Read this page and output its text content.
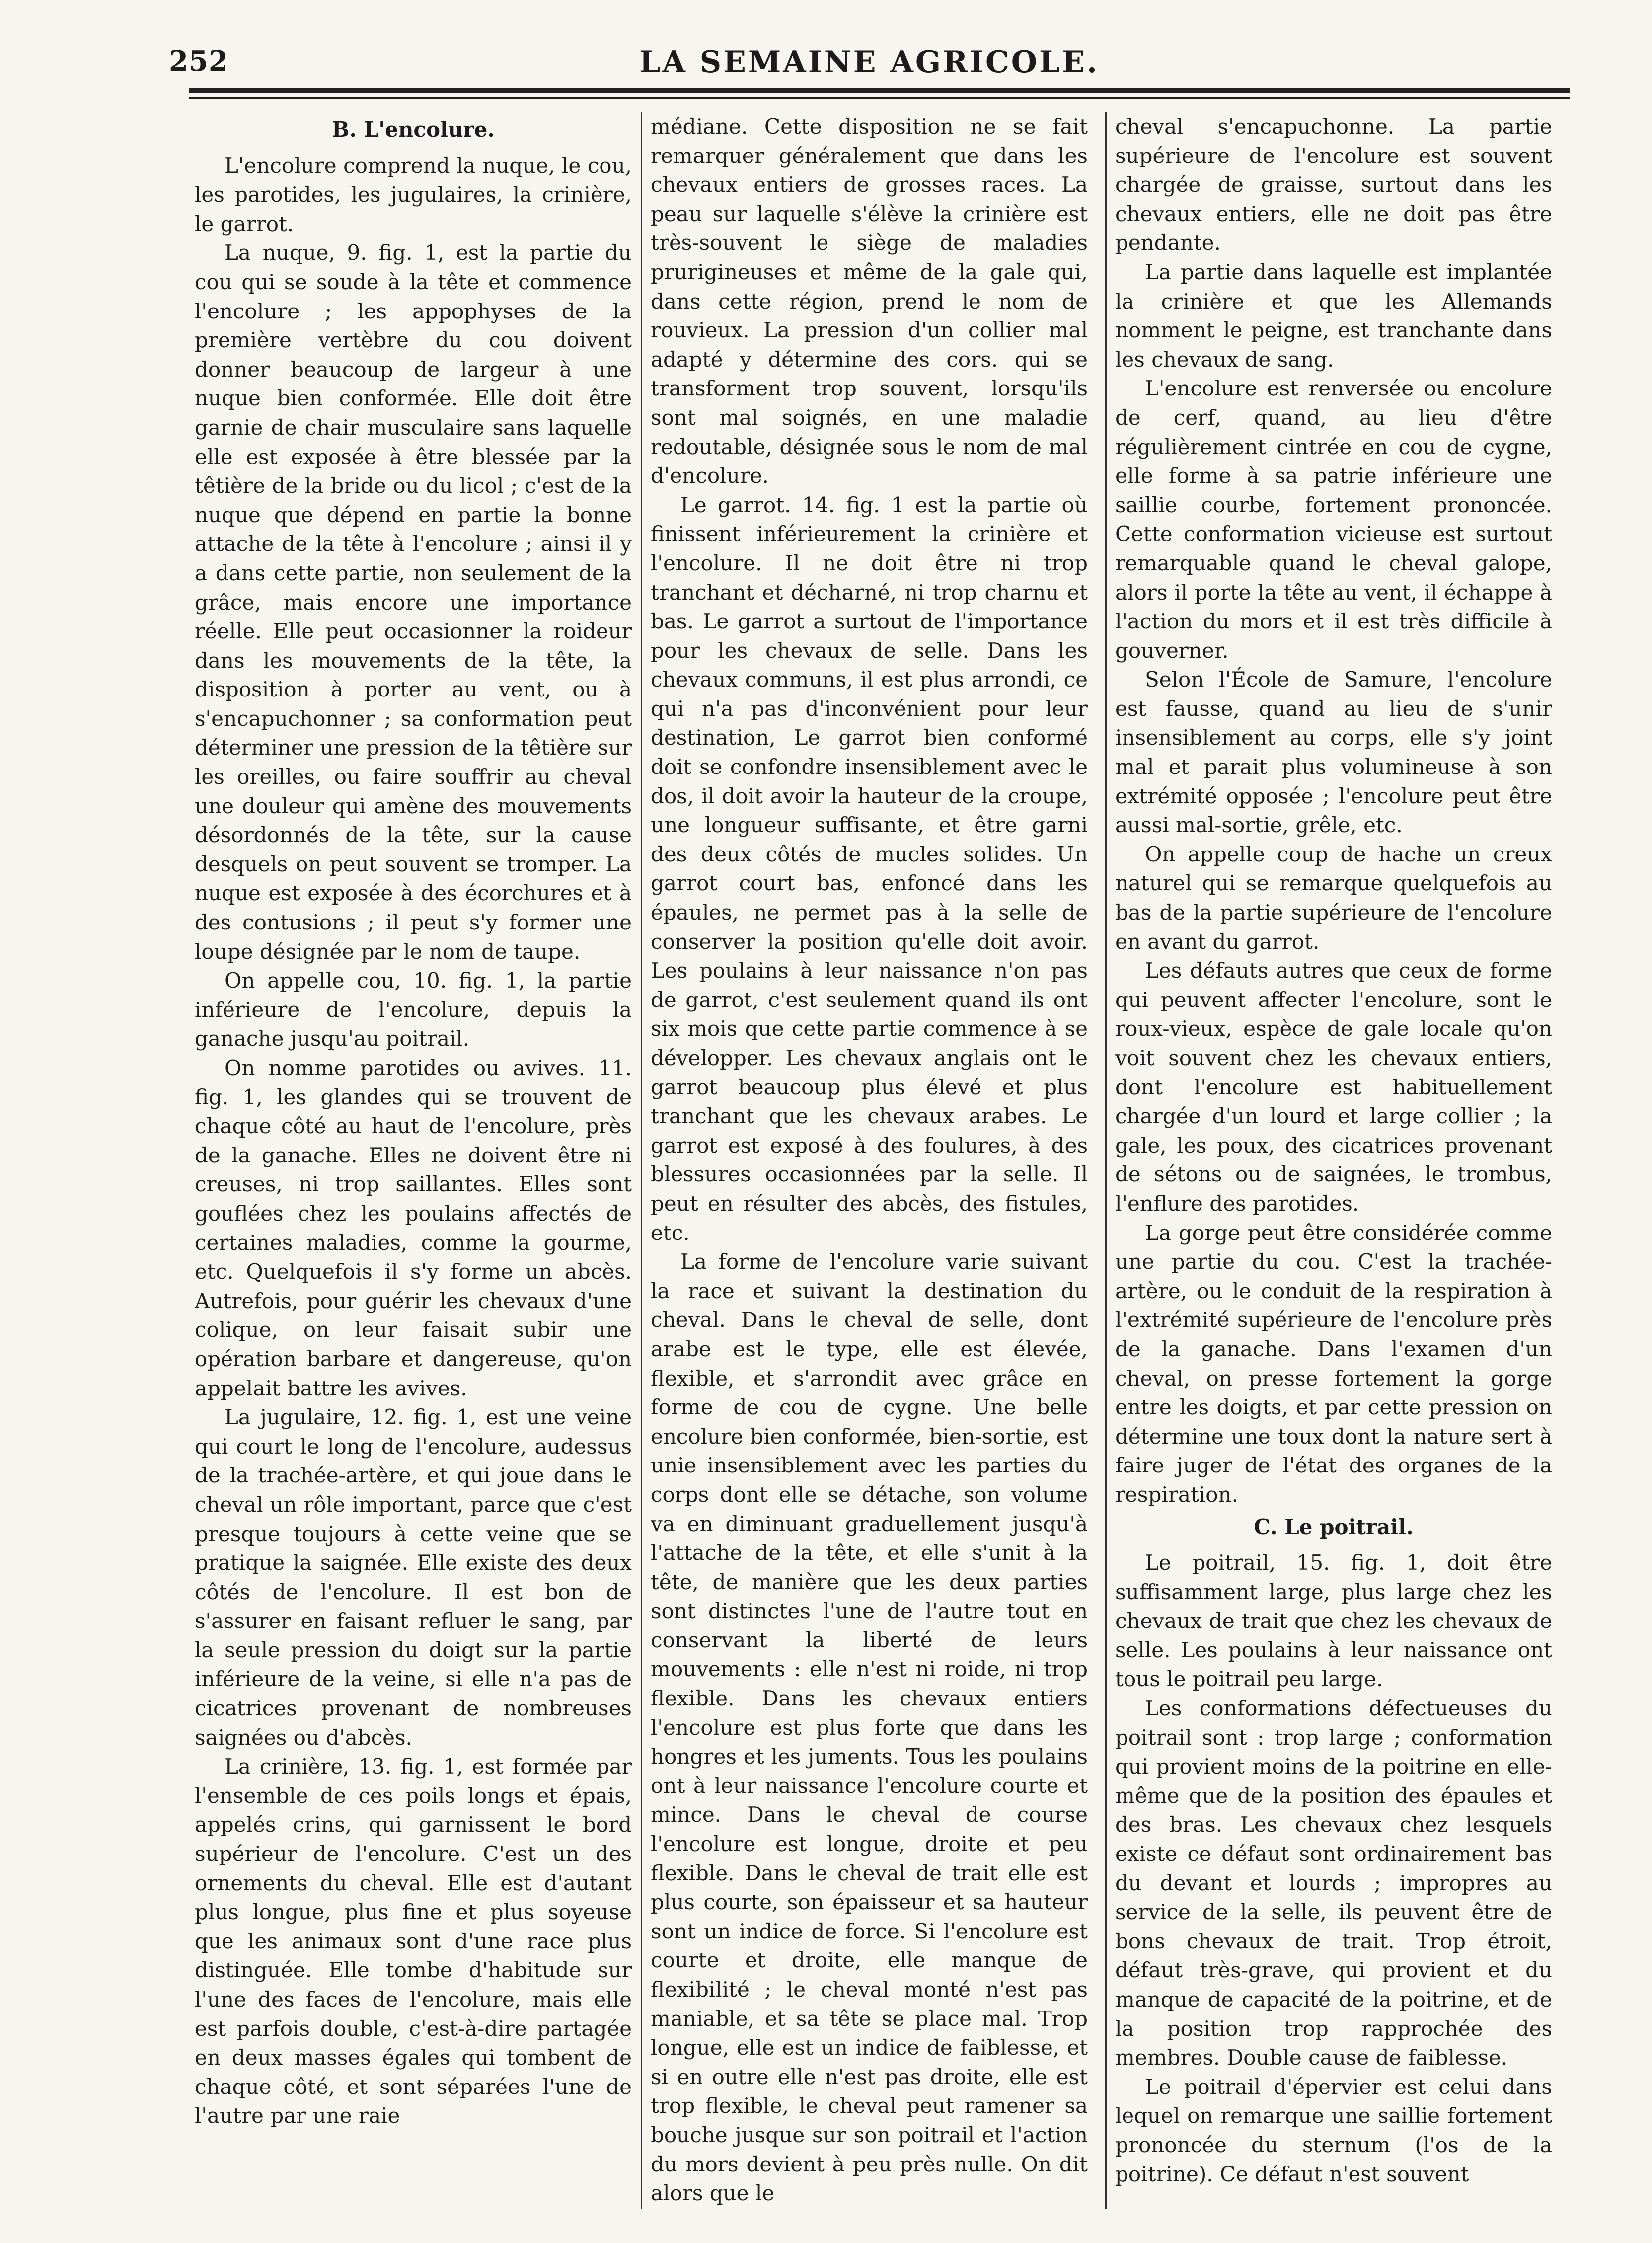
252	LA SEMAINE AGRICOLE.
B. L'encolure.

L'encolure comprend la nuque, le cou, les parotides, les jugulaires, la crinière, le garrot.

La nuque, 9. fig. 1, est la partie du cou qui se soude à la tête et commence l'encolure ; les appophyses de la première vertèbre du cou doivent donner beaucoup de largeur à une nuque bien conformée. Elle doit être garnie de chair musculaire sans laquelle elle est exposée à être blessée par la têtière de la bride ou du licol ; c'est de la nuque que dépend en partie la bonne attache de la tête à l'encolure ; ainsi il y a dans cette partie, non seulement de la grâce, mais encore une importance réelle. Elle peut occasionner la roideur dans les mouvements de la tête, la disposition à porter au vent, ou à s'encapuchonner ; sa conformation peut déterminer une pression de la têtière sur les oreilles, ou faire souffrir au cheval une douleur qui amène des mouvements désordonnés de la tête, sur la cause desquels on peut souvent se tromper. La nuque est exposée à des écorchures et à des contusions ; il peut s'y former une loupe désignée par le nom de taupe.

On appelle cou, 10. fig. 1, la partie inférieure de l'encolure, depuis la ganache jusqu'au poitrail.

On nomme parotides ou avives. 11. fig. 1, les glandes qui se trouvent de chaque côté au haut de l'encolure, près de la ganache. Elles ne doivent être ni creuses, ni trop saillantes. Elles sont gouflées chez les poulains affectés de certaines maladies, comme la gourme, etc. Quelquefois il s'y forme un abcès. Autrefois, pour guérir les chevaux d'une colique, on leur faisait subir une opération barbare et dangereuse, qu'on appelait battre les avives.

La jugulaire, 12. fig. 1, est une veine qui court le long de l'encolure, audessus de la trachée-artère, et qui joue dans le cheval un rôle important, parce que c'est presque toujours à cette veine que se pratique la saignée. Elle existe des deux côtés de l'encolure. Il est bon de s'assurer en faisant refluer le sang, par la seule pression du doigt sur la partie inférieure de la veine, si elle n'a pas de cicatrices provenant de nombreuses saignées ou d'abcès.

La crinière, 13. fig. 1, est formée par l'ensemble de ces poils longs et épais, appelés crins, qui garnissent le bord supérieur de l'encolure. C'est un des ornements du cheval. Elle est d'autant plus longue, plus fine et plus soyeuse que les animaux sont d'une race plus distinguée. Elle tombe d'habitude sur l'une des faces de l'encolure, mais elle est parfois double, c'est-à-dire partagée en deux masses égales qui tombent de chaque côté, et sont séparées l'une de l'autre par une raie

médiane. Cette disposition ne se fait remarquer généralement que dans les chevaux entiers de grosses races. La peau sur laquelle s'élève la crinière est très-souvent le siège de maladies prurigineuses et même de la gale qui, dans cette région, prend le nom de rouvieux. La pression d'un collier mal adapté y détermine des cors. qui se transforment trop souvent, lorsqu'ils sont mal soignés, en une maladie redoutable, désignée sous le nom de mal d'encolure.

Le garrot. 14. fig. 1 est la partie où finissent inférieurement la crinière et l'encolure. Il ne doit être ni trop tranchant et décharné, ni trop charnu et bas. Le garrot a surtout de l'importance pour les chevaux de selle. Dans les chevaux communs, il est plus arrondi, ce qui n'a pas d'inconvénient pour leur destination, Le garrot bien conformé doit se confondre insensiblement avec le dos, il doit avoir la hauteur de la croupe, une longueur suffisante, et être garni des deux côtés de mucles solides. Un garrot court bas, enfoncé dans les épaules, ne permet pas à la selle de conserver la position qu'elle doit avoir. Les poulains à leur naissance n'on pas de garrot, c'est seulement quand ils ont six mois que cette partie commence à se développer. Les chevaux anglais ont le garrot beaucoup plus élevé et plus tranchant que les chevaux arabes. Le garrot est exposé à des foulures, à des blessures occasionnées par la selle. Il peut en résulter des abcès, des fistules, etc.

La forme de l'encolure varie suivant la race et suivant la destination du cheval. Dans le cheval de selle, dont arabe est le type, elle est élevée, flexible, et s'arrondit avec grâce en forme de cou de cygne. Une belle encolure bien conformée, bien-sortie, est unie insensiblement avec les parties du corps dont elle se détache, son volume va en diminuant graduellement jusqu'à l'attache de la tête, et elle s'unit à la tête, de manière que les deux parties sont distinctes l'une de l'autre tout en conservant la liberté de leurs mouvements : elle n'est ni roide, ni trop flexible. Dans les chevaux entiers l'encolure est plus forte que dans les hongres et les juments. Tous les poulains ont à leur naissance l'encolure courte et mince. Dans le cheval de course l'encolure est longue, droite et peu flexible. Dans le cheval de trait elle est plus courte, son épaisseur et sa hauteur sont un indice de force. Si l'encolure est courte et droite, elle manque de flexibilité ; le cheval monté n'est pas maniable, et sa tête se place mal. Trop longue, elle est un indice de faiblesse, et si en outre elle n'est pas droite, elle est trop flexible, le cheval peut ramener sa bouche jusque sur son poitrail et l'action du mors devient à peu près nulle. On dit alors que le

cheval s'encapuchonne. La partie supérieure de l'encolure est souvent chargée de graisse, surtout dans les chevaux entiers, elle ne doit pas être pendante.

La partie dans laquelle est implantée la crinière et que les Allemands nomment le peigne, est tranchante dans les chevaux de sang.

L'encolure est renversée ou encolure de cerf, quand, au lieu d'être régulièrement cintrée en cou de cygne, elle forme à sa patrie inférieure une saillie courbe, fortement prononcée. Cette conformation vicieuse est surtout remarquable quand le cheval galope, alors il porte la tête au vent, il échappe à l'action du mors et il est très difficile à gouverner.

Selon l'École de Samure, l'encolure est fausse, quand au lieu de s'unir insensiblement au corps, elle s'y joint mal et parait plus volumineuse à son extrémité opposée ; l'encolure peut être aussi mal-sortie, grêle, etc.

On appelle coup de hache un creux naturel qui se remarque quelquefois au bas de la partie supérieure de l'encolure en avant du garrot.

Les défauts autres que ceux de forme qui peuvent affecter l'encolure, sont le roux-vieux, espèce de gale locale qu'on voit souvent chez les chevaux entiers, dont l'encolure est habituellement chargée d'un lourd et large collier ; la gale, les poux, des cicatrices provenant de sétons ou de saignées, le trombus, l'enflure des parotides.

La gorge peut être considérée comme une partie du cou. C'est la trachée-artère, ou le conduit de la respiration à l'extrémité supérieure de l'encolure près de la ganache. Dans l'examen d'un cheval, on presse fortement la gorge entre les doigts, et par cette pression on détermine une toux dont la nature sert à faire juger de l'état des organes de la respiration.

C. Le poitrail.

Le poitrail, 15. fig. 1, doit être suffisamment large, plus large chez les chevaux de trait que chez les chevaux de selle. Les poulains à leur naissance ont tous le poitrail peu large.

Les conformations défectueuses du poitrail sont : trop large ; conformation qui provient moins de la poitrine en elle-même que de la position des épaules et des bras. Les chevaux chez lesquels existe ce défaut sont ordinairement bas du devant et lourds ; impropres au service de la selle, ils peuvent être de bons chevaux de trait. Trop étroit, défaut très-grave, qui provient et du manque de capacité de la poitrine, et de la position trop rapprochée des membres. Double cause de faiblesse.

Le poitrail d'épervier est celui dans lequel on remarque une saillie fortement prononcée du sternum (l'os de la poitrine). Ce défaut n'est souvent
